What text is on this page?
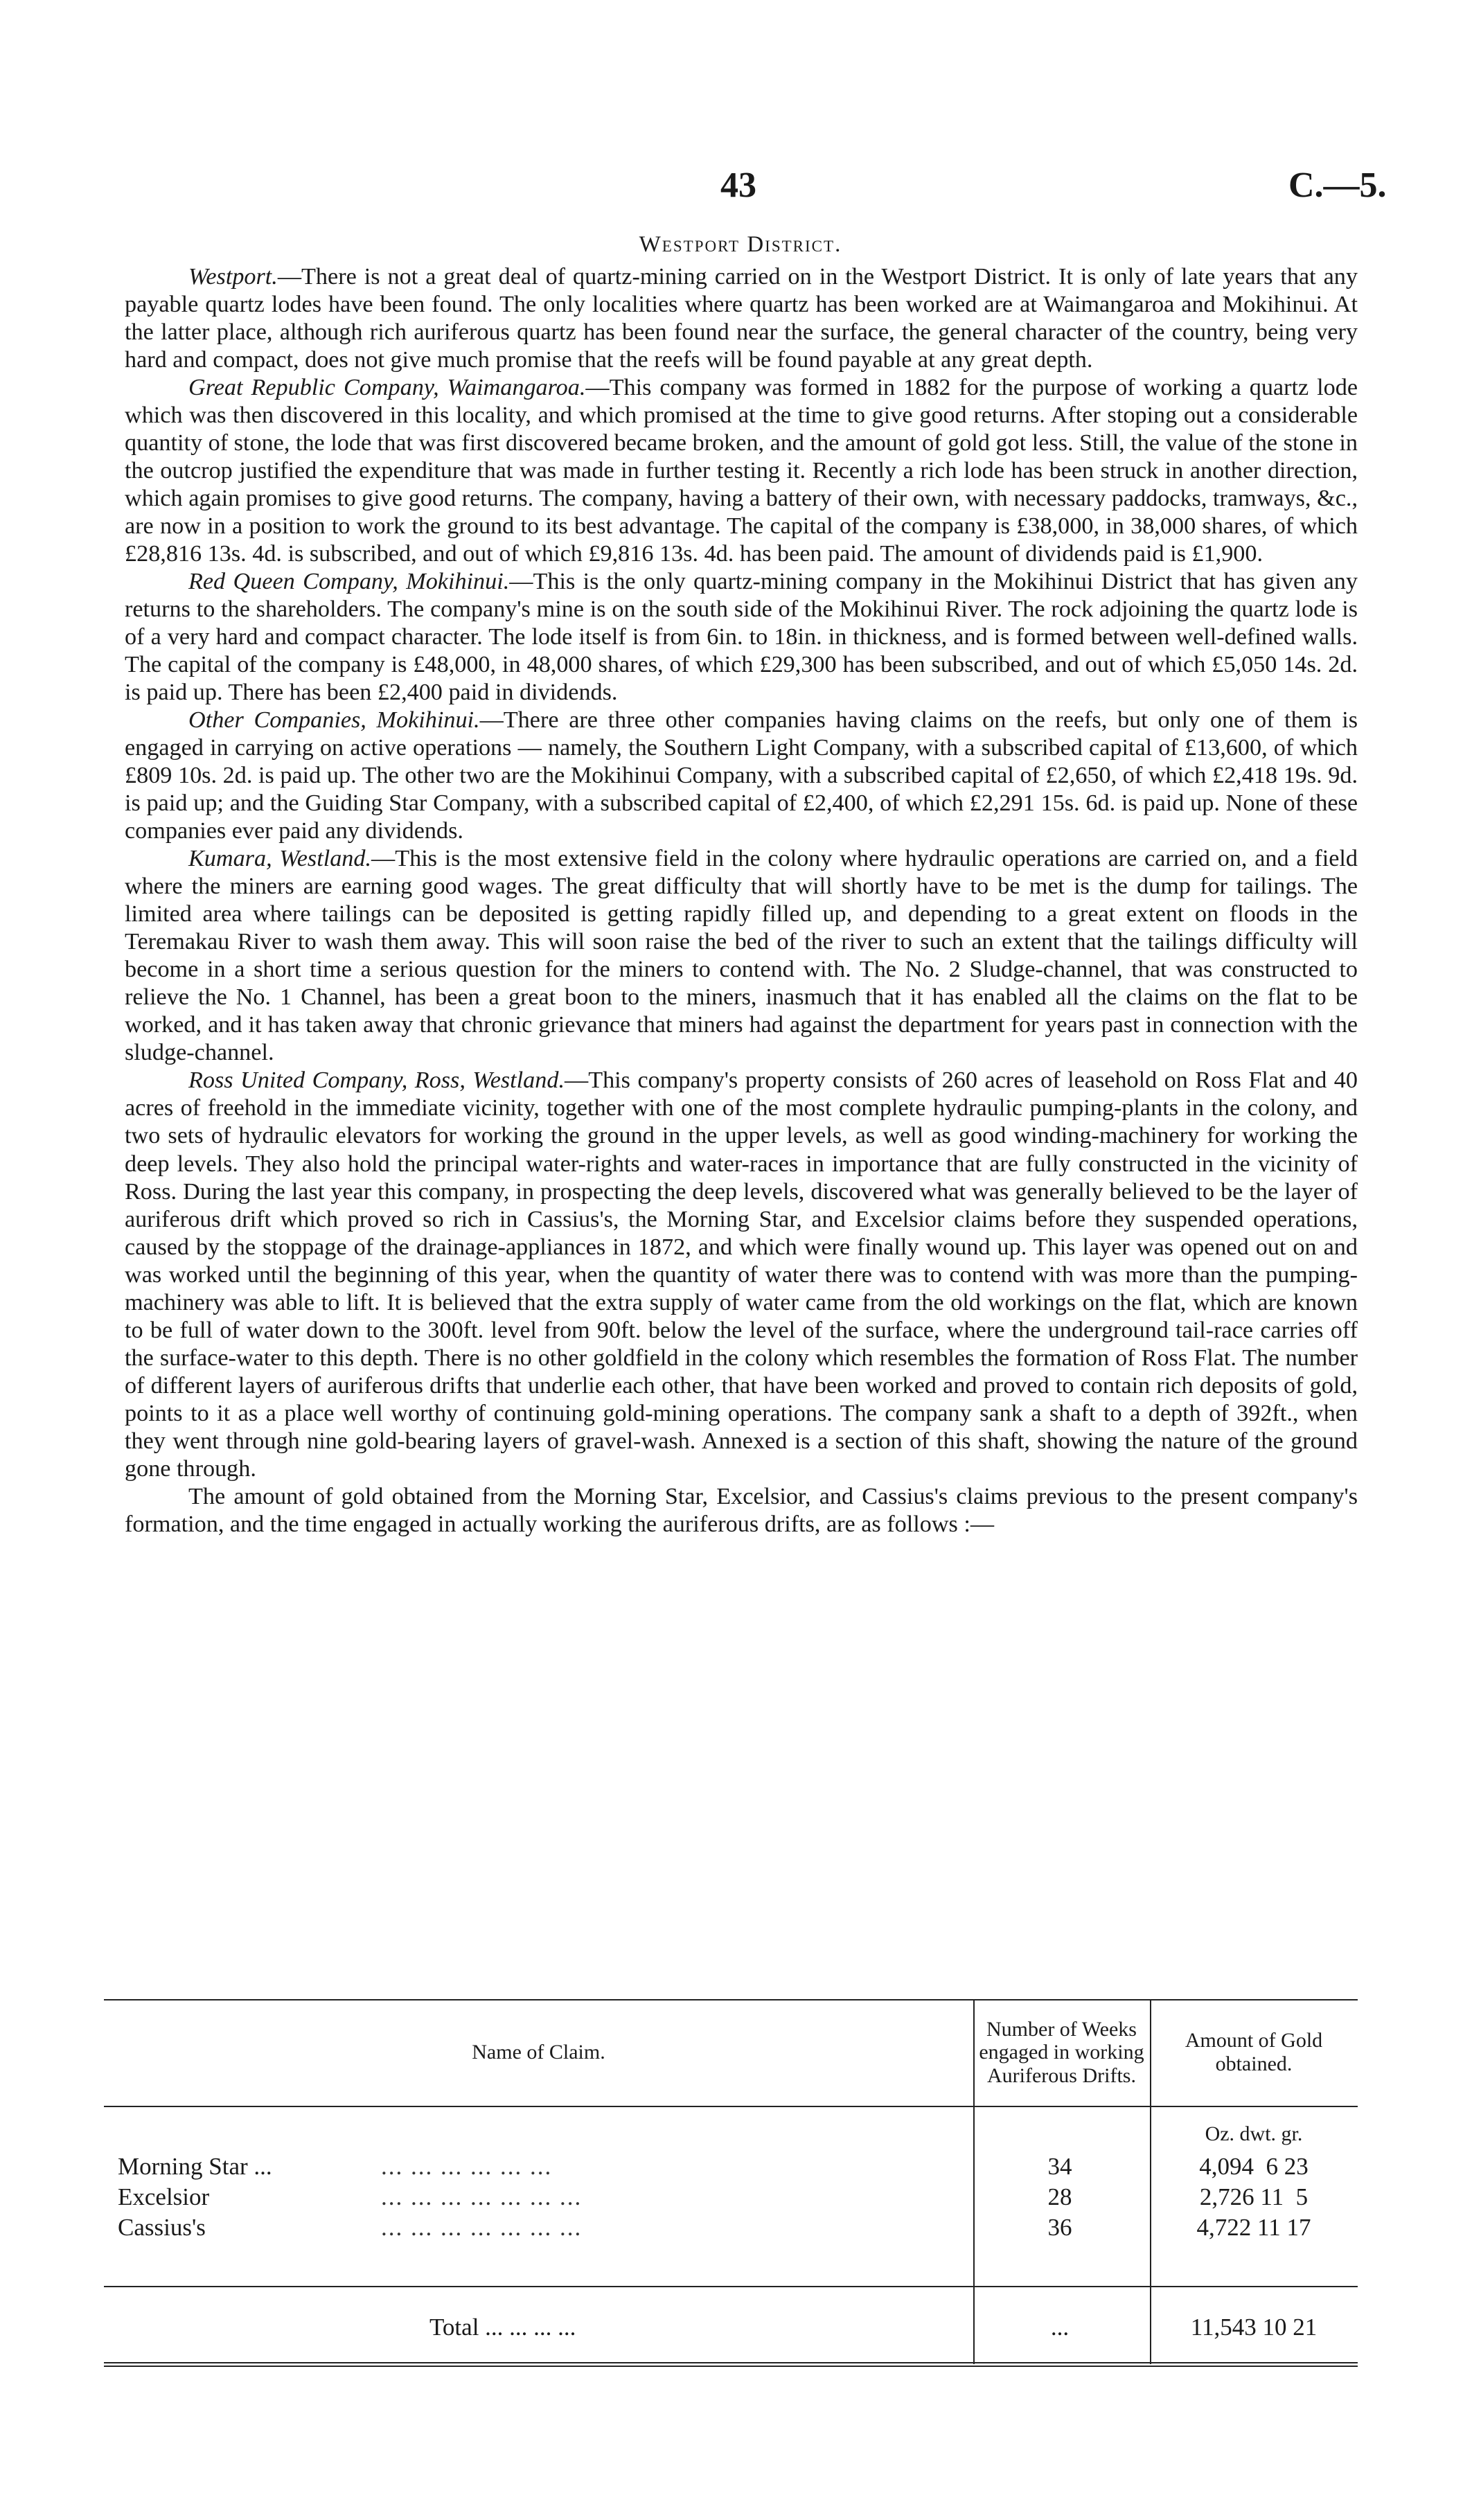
43	C.—5.
Westport District.

Westport.—There is not a great deal of quartz-mining carried on in the Westport District. It is only of late years that any payable quartz lodes have been found. The only localities where quartz has been worked are at Waimangaroa and Mokihinui. At the latter place, although rich auriferous quartz has been found near the surface, the general character of the country, being very hard and compact, does not give much promise that the reefs will be found payable at any great depth.

Great Republic Company, Waimangaroa.—This company was formed in 1882 for the purpose of working a quartz lode which was then discovered in this locality, and which promised at the time to give good returns. After stoping out a considerable quantity of stone, the lode that was first discovered became broken, and the amount of gold got less. Still, the value of the stone in the outcrop justified the expenditure that was made in further testing it. Recently a rich lode has been struck in another direction, which again promises to give good returns. The company, having a battery of their own, with necessary paddocks, tramways, &c., are now in a position to work the ground to its best advantage. The capital of the company is £38,000, in 38,000 shares, of which £28,816 13s. 4d. is subscribed, and out of which £9,816 13s. 4d. has been paid. The amount of dividends paid is £1,900.

Red Queen Company, Mokihinui.—This is the only quartz-mining company in the Mokihinui District that has given any returns to the shareholders. The company's mine is on the south side of the Mokihinui River. The rock adjoining the quartz lode is of a very hard and compact character. The lode itself is from 6in. to 18in. in thickness, and is formed between well-defined walls. The capital of the company is £48,000, in 48,000 shares, of which £29,300 has been subscribed, and out of which £5,050 14s. 2d. is paid up. There has been £2,400 paid in dividends.

Other Companies, Mokihinui.—There are three other companies having claims on the reefs, but only one of them is engaged in carrying on active operations — namely, the Southern Light Company, with a subscribed capital of £13,600, of which £809 10s. 2d. is paid up. The other two are the Mokihinui Company, with a subscribed capital of £2,650, of which £2,418 19s. 9d. is paid up; and the Guiding Star Company, with a subscribed capital of £2,400, of which £2,291 15s. 6d. is paid up. None of these companies ever paid any dividends.

Kumara, Westland.—This is the most extensive field in the colony where hydraulic operations are carried on, and a field where the miners are earning good wages. The great difficulty that will shortly have to be met is the dump for tailings. The limited area where tailings can be deposited is getting rapidly filled up, and depending to a great extent on floods in the Teremakau River to wash them away. This will soon raise the bed of the river to such an extent that the tailings difficulty will become in a short time a serious question for the miners to contend with. The No. 2 Sludge-channel, that was constructed to relieve the No. 1 Channel, has been a great boon to the miners, inasmuch that it has enabled all the claims on the flat to be worked, and it has taken away that chronic grievance that miners had against the department for years past in connection with the sludge-channel.

Ross United Company, Ross, Westland.—This company's property consists of 260 acres of leasehold on Ross Flat and 40 acres of freehold in the immediate vicinity, together with one of the most complete hydraulic pumping-plants in the colony, and two sets of hydraulic elevators for working the ground in the upper levels, as well as good winding-machinery for working the deep levels. They also hold the principal water-rights and water-races in importance that are fully constructed in the vicinity of Ross. During the last year this company, in prospecting the deep levels, discovered what was generally believed to be the layer of auriferous drift which proved so rich in Cassius's, the Morning Star, and Excelsior claims before they suspended operations, caused by the stoppage of the drainage-appliances in 1872, and which were finally wound up. This layer was opened out on and was worked until the beginning of this year, when the quantity of water there was to contend with was more than the pumping-machinery was able to lift. It is believed that the extra supply of water came from the old workings on the flat, which are known to be full of water down to the 300ft. level from 90ft. below the level of the surface, where the underground tail-race carries off the surface-water to this depth. There is no other goldfield in the colony which resembles the formation of Ross Flat. The number of different layers of auriferous drifts that underlie each other, that have been worked and proved to contain rich deposits of gold, points to it as a place well worthy of continuing gold-mining operations. The company sank a shaft to a depth of 392ft., when they went through nine gold-bearing layers of gravel-wash. Annexed is a section of this shaft, showing the nature of the ground gone through.

The amount of gold obtained from the Morning Star, Excelsior, and Cassius's claims previous to the present company's formation, and the time engaged in actually working the auriferous drifts, are as follows :—

Name of Claim.
Number of Weeks engaged in working Auriferous Drifts.
Amount of Gold obtained.
Oz. dwt. gr.
Morning Star ...	... ... ... ... ... ...	34	4,094  6 23
Excelsior	... ... ... ... ... ... ...	28	2,726 11  5
Cassius's	... ... ... ... ... ... ...	36	4,722 11 17
Total ... ... ... ...	...	11,543 10 21
